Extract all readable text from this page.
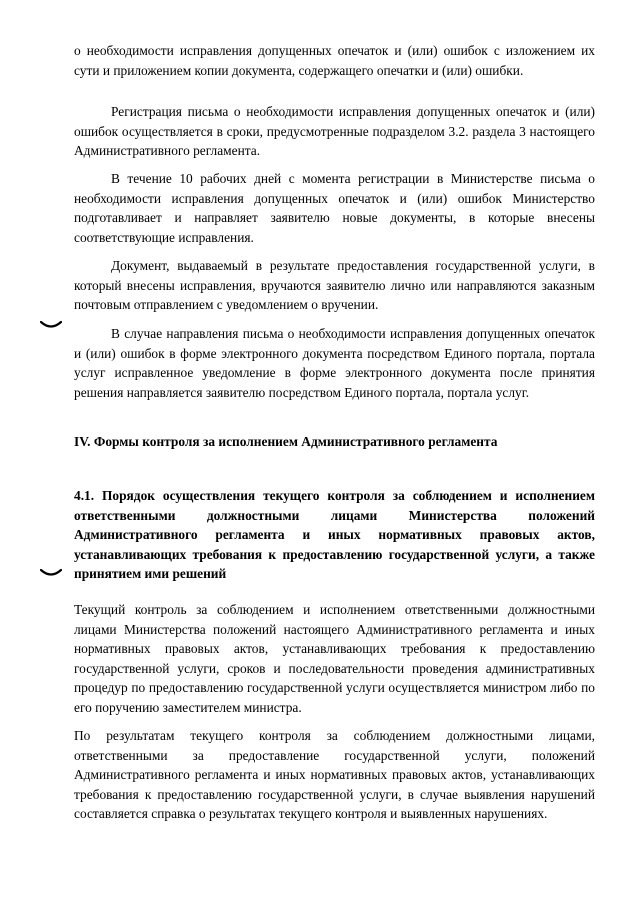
о необходимости исправления допущенных опечаток и (или) ошибок с изложением их сути и приложением копии документа, содержащего опечатки и (или) ошибки.

Регистрация письма о необходимости исправления допущенных опечаток и (или) ошибок осуществляется в сроки, предусмотренные подразделом 3.2. раздела 3 настоящего Административного регламента.

В течение 10 рабочих дней с момента регистрации в Министерстве письма о необходимости исправления допущенных опечаток и (или) ошибок Министерство подготавливает и направляет заявителю новые документы, в которые внесены соответствующие исправления.

Документ, выдаваемый в результате предоставления государственной услуги, в который внесены исправления, вручаются заявителю лично или направляются заказным почтовым отправлением с уведомлением о вручении.

В случае направления письма о необходимости исправления допущенных опечаток и (или) ошибок в форме электронного документа посредством Единого портала, портала услуг исправленное уведомление в форме электронного документа после принятия решения направляется заявителю посредством Единого портала, портала услуг.

IV. Формы контроля за исполнением Административного регламента

4.1. Порядок осуществления текущего контроля за соблюдением и исполнением ответственными должностными лицами Министерства положений Административного регламента и иных нормативных правовых актов, устанавливающих требования к предоставлению государственной услуги, а также принятием ими решений

Текущий контроль за соблюдением и исполнением ответственными должностными лицами Министерства положений настоящего Административного регламента и иных нормативных правовых актов, устанавливающих требования к предоставлению государственной услуги, сроков и последовательности проведения административных процедур по предоставлению государственной услуги осуществляется министром либо по его поручению заместителем министра.

По результатам текущего контроля за соблюдением должностными лицами, ответственными за предоставление государственной услуги, положений Административного регламента и иных нормативных правовых актов, устанавливающих требования к предоставлению государственной услуги, в случае выявления нарушений составляется справка о результатах текущего контроля и выявленных нарушениях.
